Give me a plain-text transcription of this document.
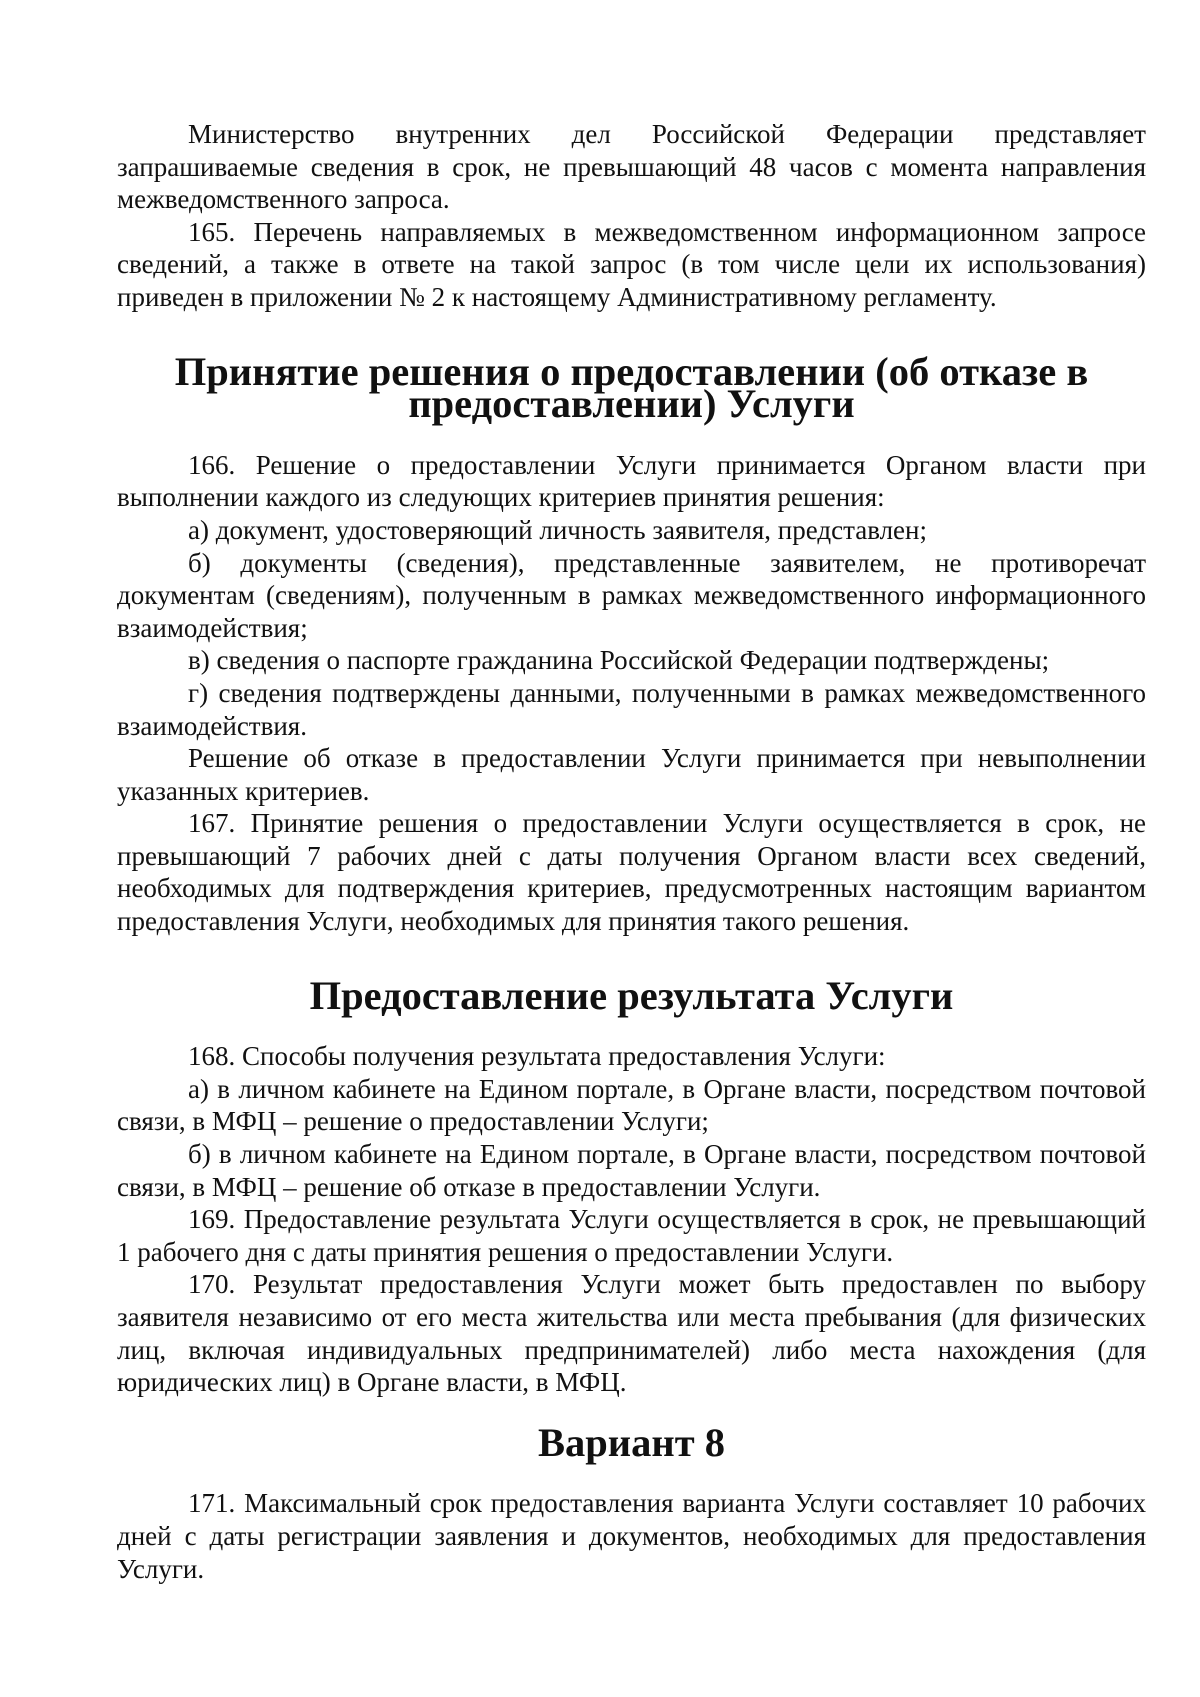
Министерство внутренних дел Российской Федерации представляет запрашиваемые сведения в срок, не превышающий 48 часов с момента направления межведомственного запроса.

165. Перечень направляемых в межведомственном информационном запросе сведений, а также в ответе на такой запрос (в том числе цели их использования) приведен в приложении № 2 к настоящему Административному регламенту.

Принятие решения о предоставлении (об отказе в предоставлении) Услуги

166. Решение о предоставлении Услуги принимается Органом власти при выполнении каждого из следующих критериев принятия решения:

а) документ, удостоверяющий личность заявителя, представлен;

б) документы (сведения), представленные заявителем, не противоречат документам (сведениям), полученным в рамках межведомственного информационного взаимодействия;

в) сведения о паспорте гражданина Российской Федерации подтверждены;

г) сведения подтверждены данными, полученными в рамках межведомственного взаимодействия.

Решение об отказе в предоставлении Услуги принимается при невыполнении указанных критериев.

167. Принятие решения о предоставлении Услуги осуществляется в срок, не превышающий 7 рабочих дней с даты получения Органом власти всех сведений, необходимых для подтверждения критериев, предусмотренных настоящим вариантом предоставления Услуги, необходимых для принятия такого решения.

Предоставление результата Услуги

168. Способы получения результата предоставления Услуги:

а) в личном кабинете на Едином портале, в Органе власти, посредством почтовой связи, в МФЦ – решение о предоставлении Услуги;

б) в личном кабинете на Едином портале, в Органе власти, посредством почтовой связи, в МФЦ – решение об отказе в предоставлении Услуги.

169. Предоставление результата Услуги осуществляется в срок, не превышающий 1 рабочего дня с даты принятия решения о предоставлении Услуги.

170. Результат предоставления Услуги может быть предоставлен по выбору заявителя независимо от его места жительства или места пребывания (для физических лиц, включая индивидуальных предпринимателей) либо места нахождения (для юридических лиц) в Органе власти, в МФЦ.

Вариант 8

171. Максимальный срок предоставления варианта Услуги составляет 10 рабочих дней с даты регистрации заявления и документов, необходимых для предоставления Услуги.
